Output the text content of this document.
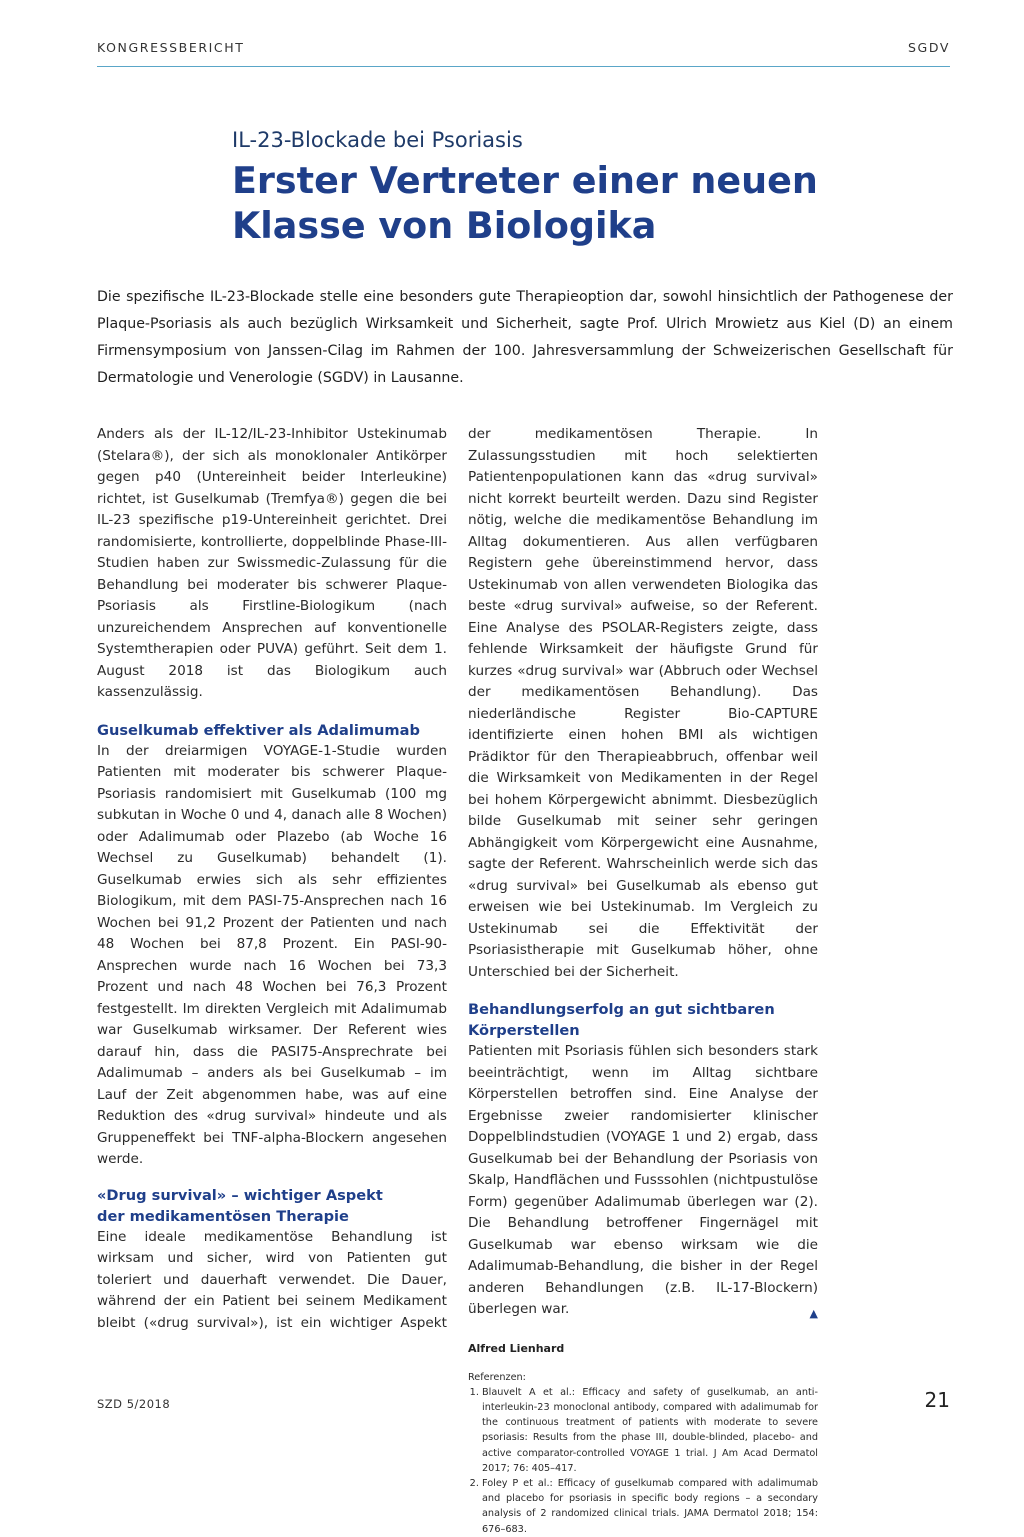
KONGRESSBERICHT	SGDV
IL-23-Blockade bei Psoriasis
Erster Vertreter einer neuen Klasse von Biologika
Die spezifische IL-23-Blockade stelle eine besonders gute Therapieoption dar, sowohl hinsichtlich der Pathogenese der Plaque-Psoriasis als auch bezüglich Wirksamkeit und Sicherheit, sagte Prof. Ulrich Mrowietz aus Kiel (D) an einem Firmensymposium von Janssen-Cilag im Rahmen der 100. Jahresversammlung der Schweizerischen Gesellschaft für Dermatologie und Venerologie (SGDV) in Lausanne.

Anders als der IL-12/IL-23-Inhibitor Ustekinumab (Stelara®), der sich als monoklonaler Antikörper gegen p40 (Untereinheit beider Interleukine) richtet, ist Guselkumab (Tremfya®) gegen die bei IL-23 spezifische p19-Untereinheit gerichtet. Drei randomisierte, kontrollierte, doppelblinde Phase-III-Studien haben zur Swissmedic-Zulassung für die Behandlung bei moderater bis schwerer Plaque-Psoriasis als Firstline-Biologikum (nach unzureichendem Ansprechen auf konventionelle Systemtherapien oder PUVA) geführt. Seit dem 1. August 2018 ist das Biologikum auch kassenzulässig.

Guselkumab effektiver als Adalimumab

In der dreiarmigen VOYAGE-1-Studie wurden Patienten mit moderater bis schwerer Plaque-Psoriasis randomisiert mit Guselkumab (100 mg subkutan in Woche 0 und 4, danach alle 8 Wochen) oder Adalimumab oder Plazebo (ab Woche 16 Wechsel zu Guselkumab) behandelt (1). Guselkumab erwies sich als sehr effizientes Biologikum, mit dem PASI-75-Ansprechen nach 16 Wochen bei 91,2 Prozent der Patienten und nach 48 Wochen bei 87,8 Prozent. Ein PASI-90-Ansprechen wurde nach 16 Wochen bei 73,3 Prozent und nach 48 Wochen bei 76,3 Prozent festgestellt. Im direkten Vergleich mit Adalimumab war Guselkumab wirksamer. Der Referent wies darauf hin, dass die PASI75-Ansprechrate bei Adalimumab – anders als bei Guselkumab – im Lauf der Zeit abgenommen habe, was auf eine Reduktion des «drug survival» hindeute und als Gruppeneffekt bei TNF-alpha-Blockern angesehen werde.

«Drug survival» – wichtiger Aspekt
der medikamentösen Therapie

Eine ideale medikamentöse Behandlung ist wirksam und sicher, wird von Patienten gut toleriert und dauerhaft verwendet. Die Dauer, während der ein Patient bei seinem Medikament bleibt («drug survival»), ist ein wichtiger Aspekt

der medikamentösen Therapie. In Zulassungsstudien mit hoch selektierten Patientenpopulationen kann das «drug survival» nicht korrekt beurteilt werden. Dazu sind Register nötig, welche die medikamentöse Behandlung im Alltag dokumentieren. Aus allen verfügbaren Registern gehe übereinstimmend hervor, dass Ustekinumab von allen verwendeten Biologika das beste «drug survival» aufweise, so der Referent. Eine Analyse des PSOLAR-Registers zeigte, dass fehlende Wirksamkeit der häufigste Grund für kurzes «drug survival» war (Abbruch oder Wechsel der medikamentösen Behandlung). Das niederländische Register Bio-CAPTURE identifizierte einen hohen BMI als wichtigen Prädiktor für den Therapieabbruch, offenbar weil die Wirksamkeit von Medikamenten in der Regel bei hohem Körpergewicht abnimmt. Diesbezüglich bilde Guselkumab mit seiner sehr geringen Abhängigkeit vom Körpergewicht eine Ausnahme, sagte der Referent. Wahrscheinlich werde sich das «drug survival» bei Guselkumab als ebenso gut erweisen wie bei Ustekinumab. Im Vergleich zu Ustekinumab sei die Effektivität der Psoriasistherapie mit Guselkumab höher, ohne Unterschied bei der Sicherheit.

Behandlungserfolg an gut sichtbaren Körperstellen

Patienten mit Psoriasis fühlen sich besonders stark beeinträchtigt, wenn im Alltag sichtbare Körperstellen betroffen sind. Eine Analyse der Ergebnisse zweier randomisierter klinischer Doppelblindstudien (VOYAGE 1 und 2) ergab, dass Guselkumab bei der Behandlung der Psoriasis von Skalp, Handflächen und Fusssohlen (nichtpustulöse Form) gegenüber Adalimumab überlegen war (2). Die Behandlung betroffener Fingernägel mit Guselkumab war ebenso wirksam wie die Adalimumab-Behandlung, die bisher in der Regel anderen Behandlungen (z.B. IL-17-Blockern) überlegen war.	▲

Alfred Lienhard

Referenzen:

1. Blauvelt A et al.: Efficacy and safety of guselkumab, an anti-interleukin-23 monoclonal antibody, compared with adalimumab for the continuous treatment of patients with moderate to severe psoriasis: Results from the phase III, double-blinded, placebo- and active comparator-controlled VOYAGE 1 trial. J Am Acad Dermatol 2017; 76: 405–417.
2. Foley P et al.: Efficacy of guselkumab compared with adalimumab and placebo for psoriasis in specific body regions – a secondary analysis of 2 randomized clinical trials. JAMA Dermatol 2018; 154: 676–683.
SZD 5/2018	21
